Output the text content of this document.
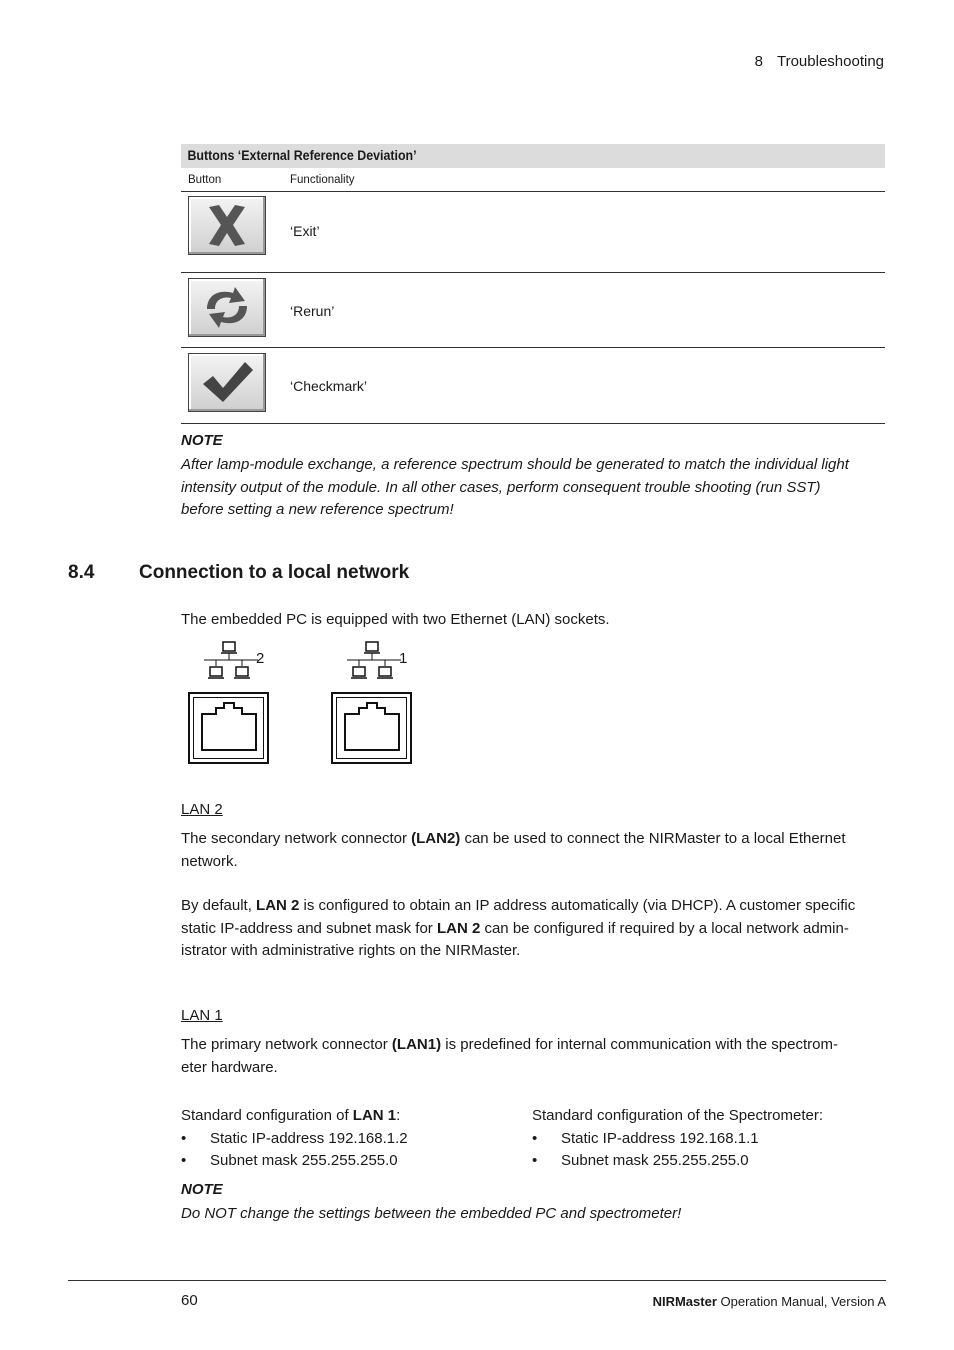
8 Troubleshooting
Buttons ‘External Reference Deviation’
Button	Functionality
‘Exit’
‘Rerun’
‘Checkmark’
NOTE
After lamp-module exchange, a reference spectrum should be generated to match the individual light
intensity output of the module. In all other cases, perform consequent trouble shooting (run SST)
before setting a new reference spectrum!
8.4 Connection to a local network
The embedded PC is equipped with two Ethernet (LAN) sockets.
2	1
LAN 2
The secondary network connector (LAN2) can be used to connect the NIRMaster to a local Ethernet
network.
By default, LAN 2 is configured to obtain an IP address automatically (via DHCP). A customer specific
static IP-address and subnet mask for LAN 2 can be configured if required by a local network admin-
istrator with administrative rights on the NIRMaster.
LAN 1
The primary network connector (LAN1) is predefined for internal communication with the spectrom-
eter hardware.
Standard configuration of LAN 1:
• Static IP-address 192.168.1.2
• Subnet mask 255.255.255.0
Standard configuration of the Spectrometer:
• Static IP-address 192.168.1.1
• Subnet mask 255.255.255.0
NOTE
Do NOT change the settings between the embedded PC and spectrometer!
60	NIRMaster Operation Manual, Version A
